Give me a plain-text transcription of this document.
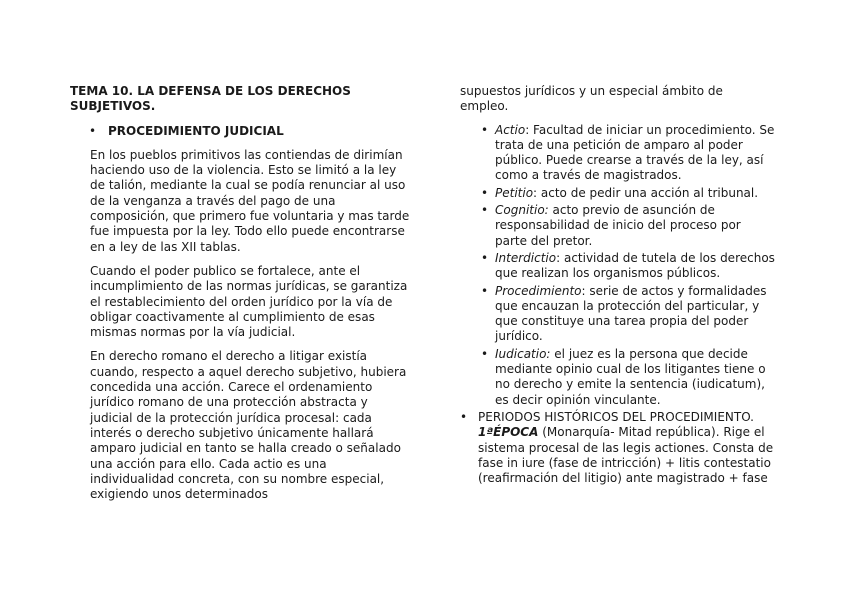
TEMA 10. LA DEFENSA DE LOS DERECHOS SUBJETIVOS.
• PROCEDIMIENTO JUDICIAL

En los pueblos primitivos las contiendas de dirimían haciendo uso de la violencia. Esto se limitó a la ley de talión, mediante la cual se podía renunciar al uso de la venganza a través del pago de una composición, que primero fue voluntaria y mas tarde fue impuesta por la ley. Todo ello puede encontrarse en a ley de las XII tablas.

Cuando el poder publico se fortalece, ante el incumplimiento de las normas jurídicas, se garantiza el restablecimiento del orden jurídico por la vía de obligar coactivamente al cumplimiento de esas mismas normas por la vía judicial.

En derecho romano el derecho a litigar existía cuando, respecto a aquel derecho subjetivo, hubiera concedida una acción. Carece el ordenamiento jurídico romano de una protección abstracta y judicial de la protección jurídica procesal: cada interés o derecho subjetivo únicamente hallará amparo judicial en tanto se halla creado o señalado una acción para ello. Cada actio es una individualidad concreta, con su nombre especial, exigiendo unos determinados

supuestos jurídicos y un especial ámbito de empleo.

• Actio: Facultad de iniciar un procedimiento. Se trata de una petición de amparo al poder público. Puede crearse a través de la ley, así como a través de magistrados.
• Petitio: acto de pedir una acción al tribunal.
• Cognitio: acto previo de asunción de responsabilidad de inicio del proceso por parte del pretor.
• Interdictio: actividad de tutela de los derechos que realizan los organismos públicos.
• Procedimiento: serie de actos y formalidades que encauzan la protección del particular, y que constituye una tarea propia del poder jurídico.
• Iudicatio: el juez es la persona que decide mediante opinio cual de los litigantes tiene o no derecho y emite la sentencia (iudicatum), es decir opinión vinculante.
• PERIODOS HISTÓRICOS DEL PROCEDIMIENTO.
1ªÉPOCA (Monarquía- Mitad república). Rige el sistema procesal de las legis actiones. Consta de fase in iure (fase de intricción) + litis contestatio (reafirmación del litigio) ante magistrado + fase
